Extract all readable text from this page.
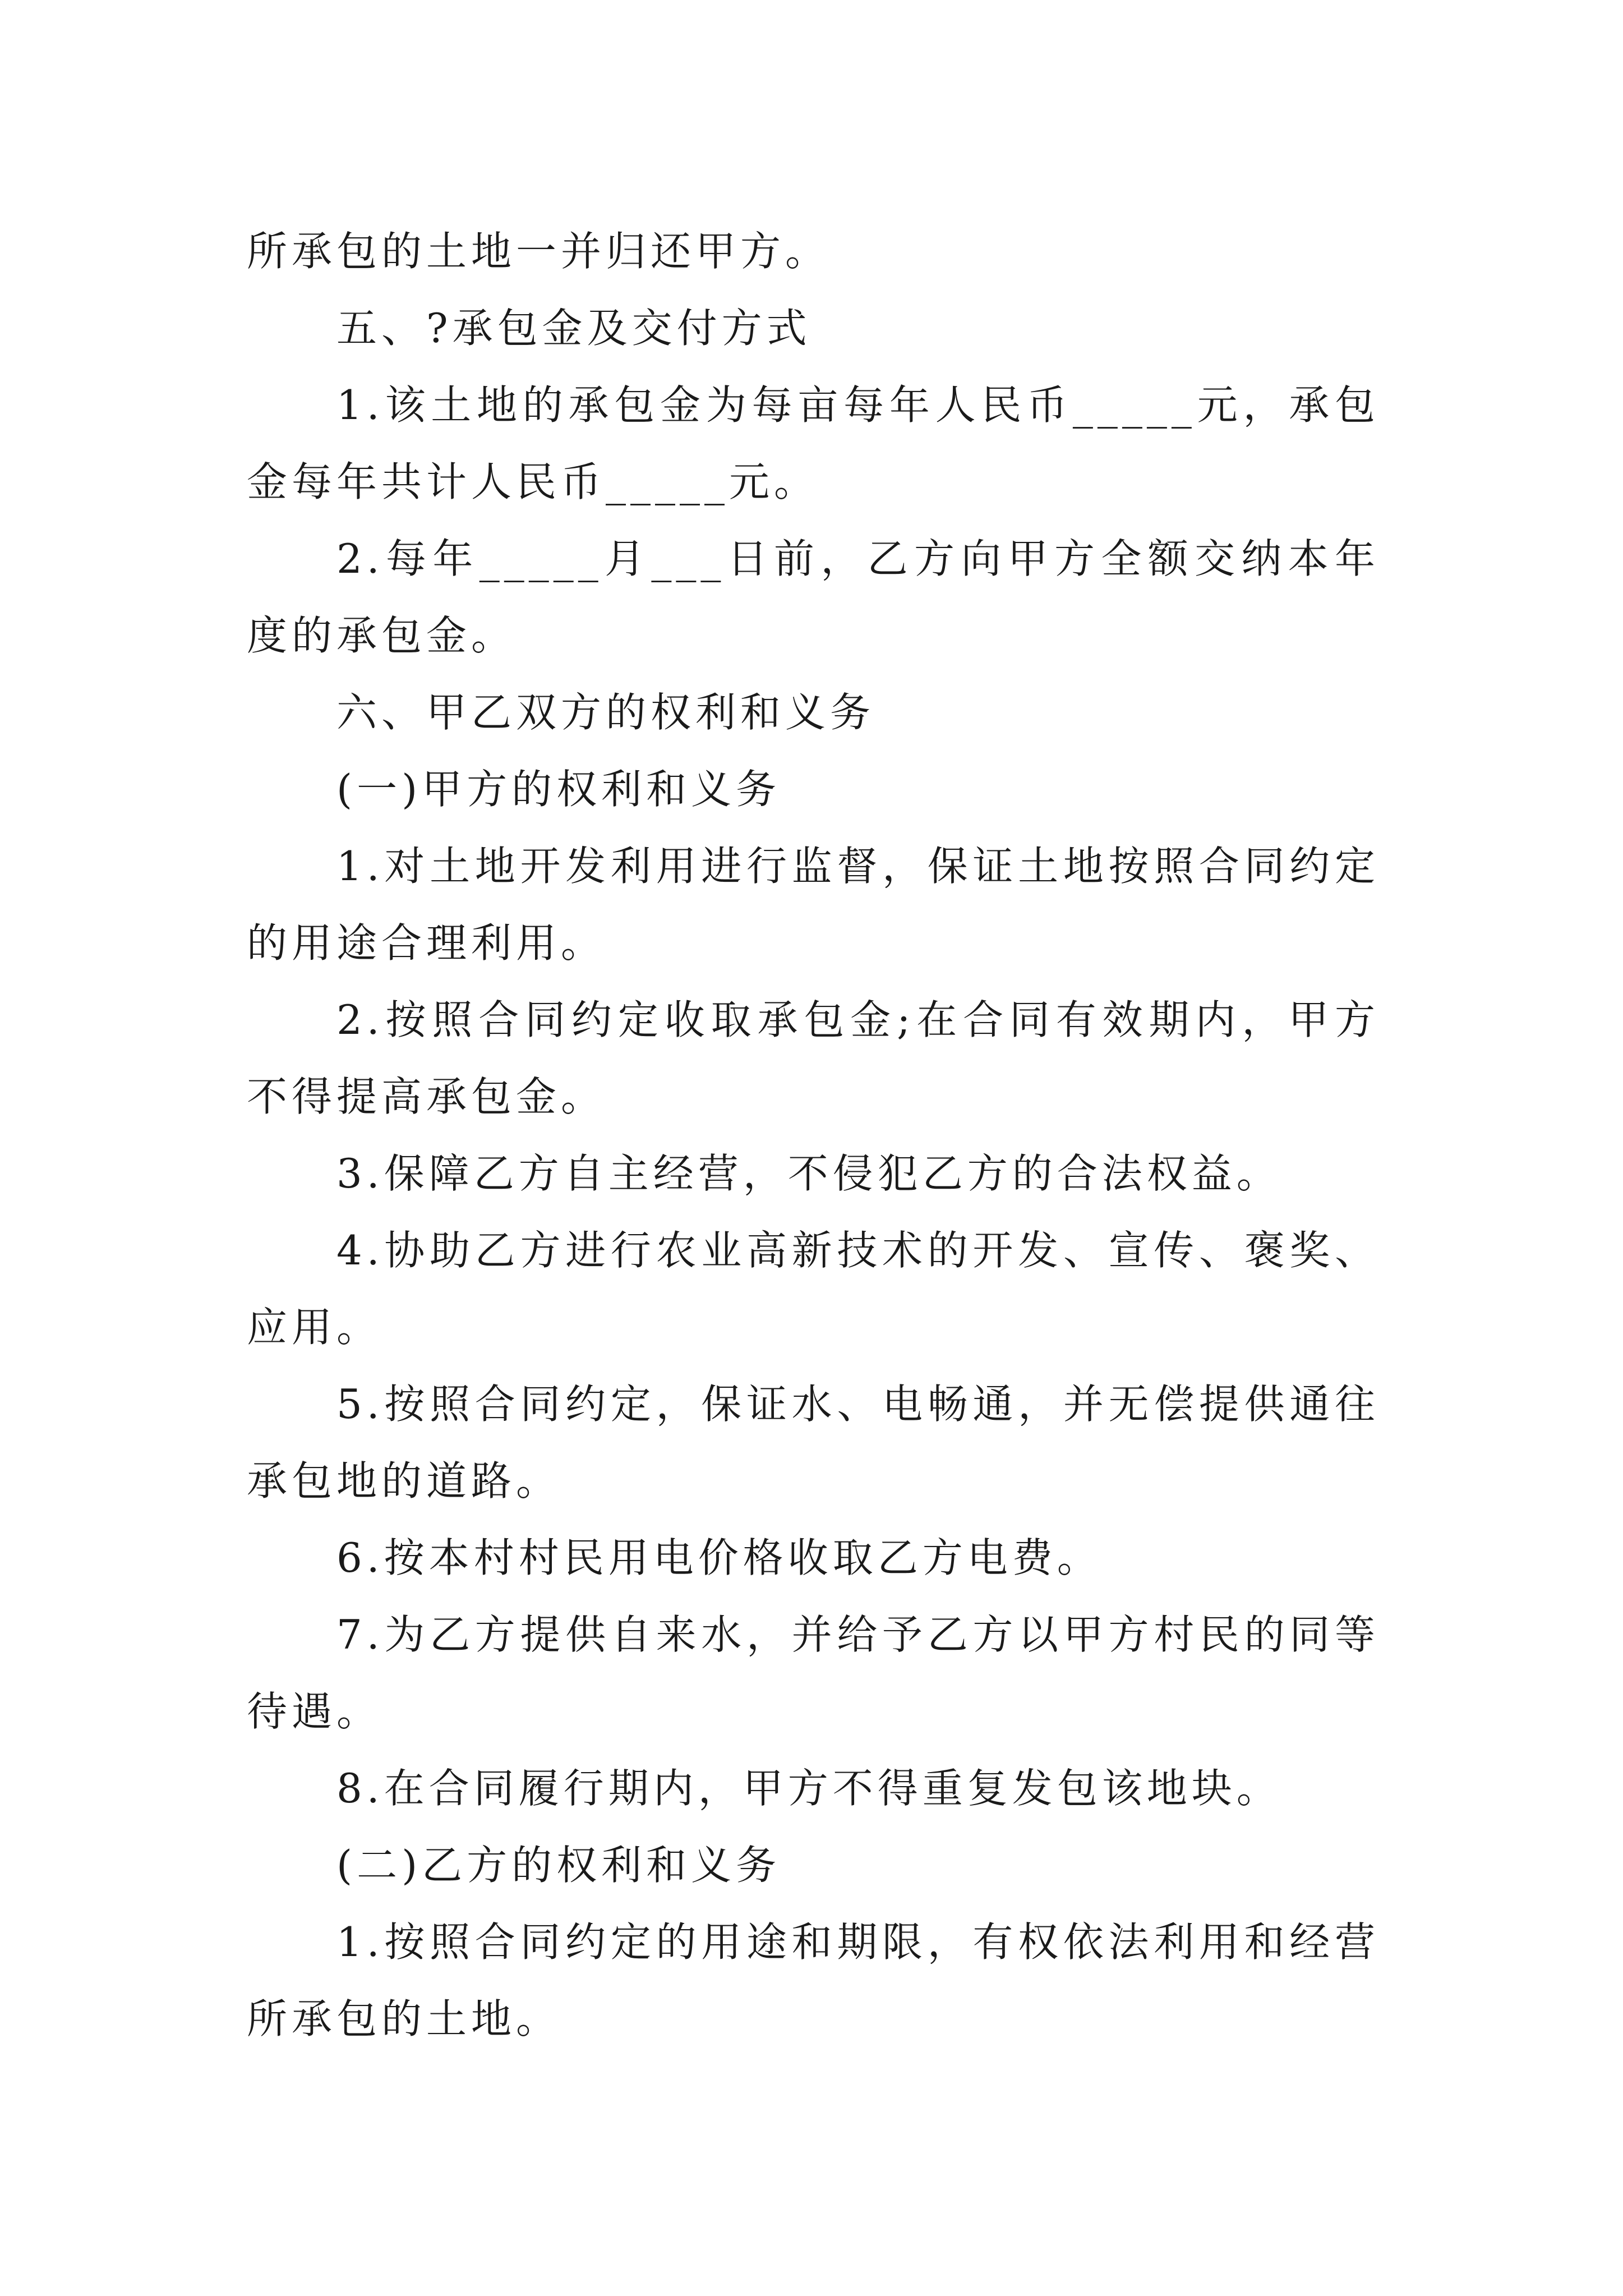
所承包的土地一并归还甲方。

五、?承包金及交付方式

1.该土地的承包金为每亩每年人民币_____元，承包金每年共计人民币_____元。

2.每年_____月___日前，乙方向甲方全额交纳本年度的承包金。

六、甲乙双方的权利和义务

(一)甲方的权利和义务

1.对土地开发利用进行监督，保证土地按照合同约定的用途合理利用。

2.按照合同约定收取承包金;在合同有效期内，甲方不得提高承包金。

3.保障乙方自主经营，不侵犯乙方的合法权益。

4.协助乙方进行农业高新技术的开发、宣传、褒奖、应用。

5.按照合同约定，保证水、电畅通，并无偿提供通往承包地的道路。

6.按本村村民用电价格收取乙方电费。

7.为乙方提供自来水，并给予乙方以甲方村民的同等待遇。

8.在合同履行期内，甲方不得重复发包该地块。

(二)乙方的权利和义务

1.按照合同约定的用途和期限，有权依法利用和经营所承包的土地。
